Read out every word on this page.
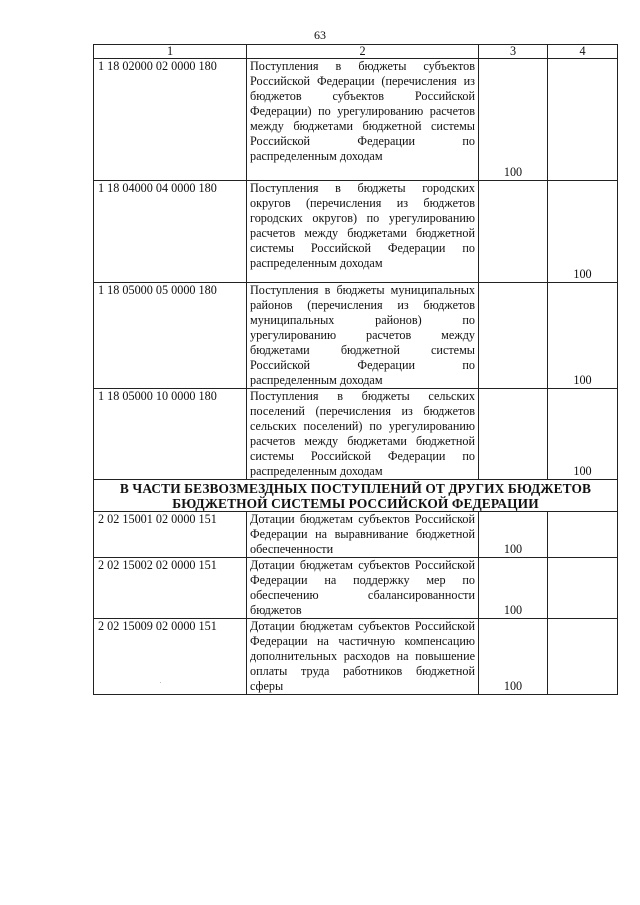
63
1	2	3	4
1 18 02000 02 0000 180	Поступления в бюджеты субъектов Российской Федерации (перечисления из бюджетов субъектов Российской Федерации) по урегулированию расчетов между бюджетами бюджетной системы Российской Федерации по распределенным доходам	100	
1 18 04000 04 0000 180	Поступления в бюджеты городских округов (перечисления из бюджетов городских округов) по урегулированию расчетов между бюджетами бюджетной системы Российской Федерации по распределенным доходам		100
1 18 05000 05 0000 180	Поступления в бюджеты муниципальных районов (перечисления из бюджетов муниципальных районов) по урегулированию расчетов между бюджетами бюджетной системы Российской Федерации по распределенным доходам		100
1 18 05000 10 0000 180	Поступления в бюджеты сельских поселений (перечисления из бюджетов сельских поселений) по урегулированию расчетов между бюджетами бюджетной системы Российской Федерации по распределенным доходам		100
В ЧАСТИ БЕЗВОЗМЕЗДНЫХ ПОСТУПЛЕНИЙ ОТ ДРУГИХ БЮДЖЕТОВ БЮДЖЕТНОЙ СИСТЕМЫ РОССИЙСКОЙ ФЕДЕРАЦИИ			
2 02 15001 02 0000 151	Дотации бюджетам субъектов Российской Федерации на выравнивание бюджетной обеспеченности	100	
2 02 15002 02 0000 151	Дотации бюджетам субъектов Российской Федерации на поддержку мер по обеспечению сбалансированности бюджетов	100	
2 02 15009 02 0000 151	Дотации бюджетам субъектов Российской Федерации на частичную компенсацию дополнительных расходов на повышение оплаты труда работников бюджетной сферы	100	
